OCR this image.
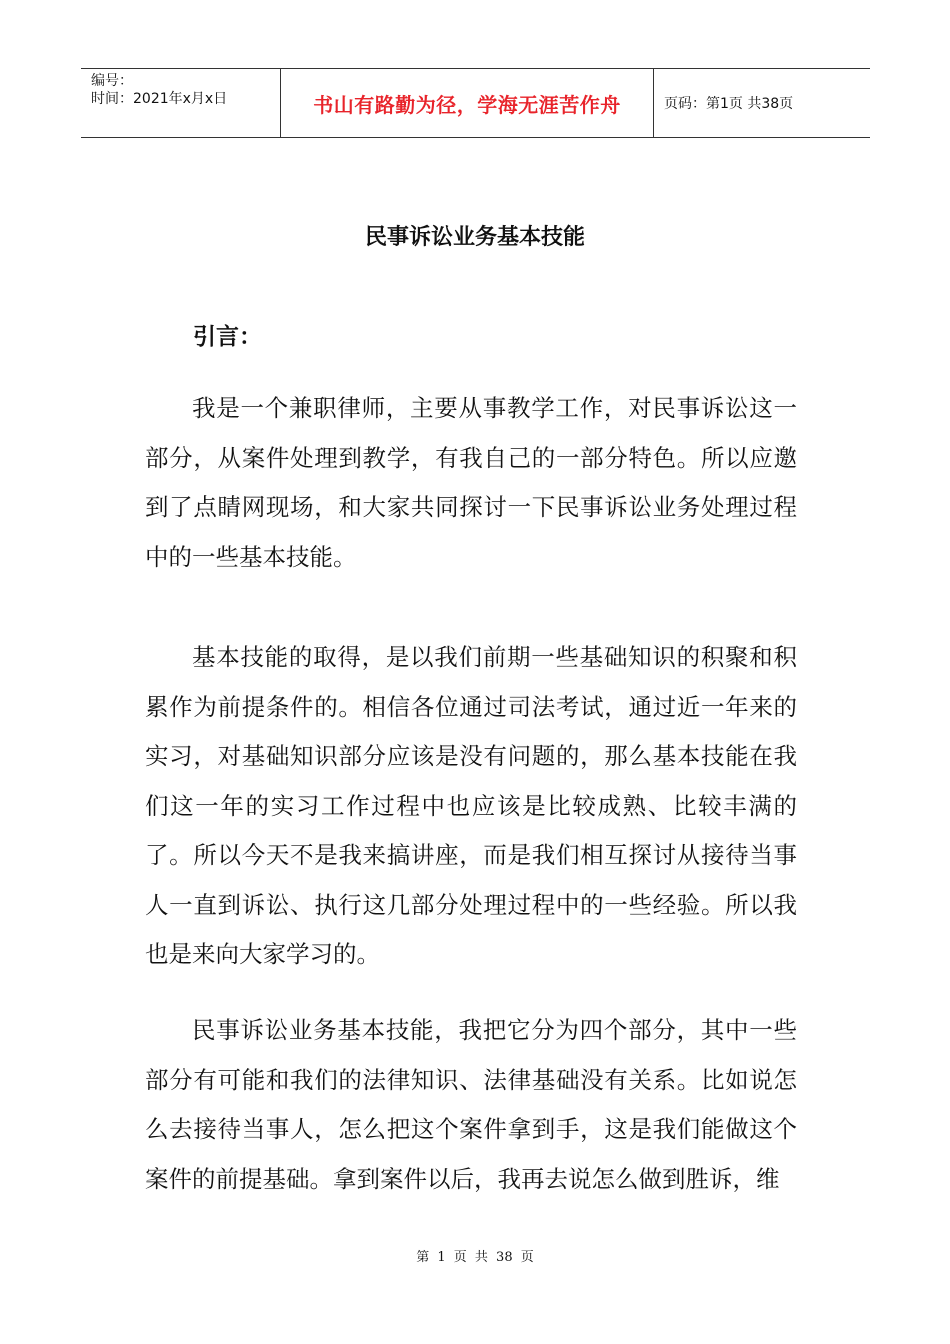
编号：
时间：2021年x月x日	书山有路勤为径，学海无涯苦作舟	页码：第1页 共38页
民事诉讼业务基本技能
引言：
我是一个兼职律师，主要从事教学工作，对民事诉讼这一部分，从案件处理到教学，有我自己的一部分特色。所以应邀到了点睛网现场，和大家共同探讨一下民事诉讼业务处理过程中的一些基本技能。
基本技能的取得，是以我们前期一些基础知识的积聚和积累作为前提条件的。相信各位通过司法考试，通过近一年来的实习，对基础知识部分应该是没有问题的，那么基本技能在我们这一年的实习工作过程中也应该是比较成熟、比较丰满的了。所以今天不是我来搞讲座，而是我们相互探讨从接待当事人一直到诉讼、执行这几部分处理过程中的一些经验。所以我也是来向大家学习的。
民事诉讼业务基本技能，我把它分为四个部分，其中一些部分有可能和我们的法律知识、法律基础没有关系。比如说怎么去接待当事人，怎么把这个案件拿到手，这是我们能做这个案件的前提基础。拿到案件以后，我再去说怎么做到胜诉，维
第 1 页 共 38 页
